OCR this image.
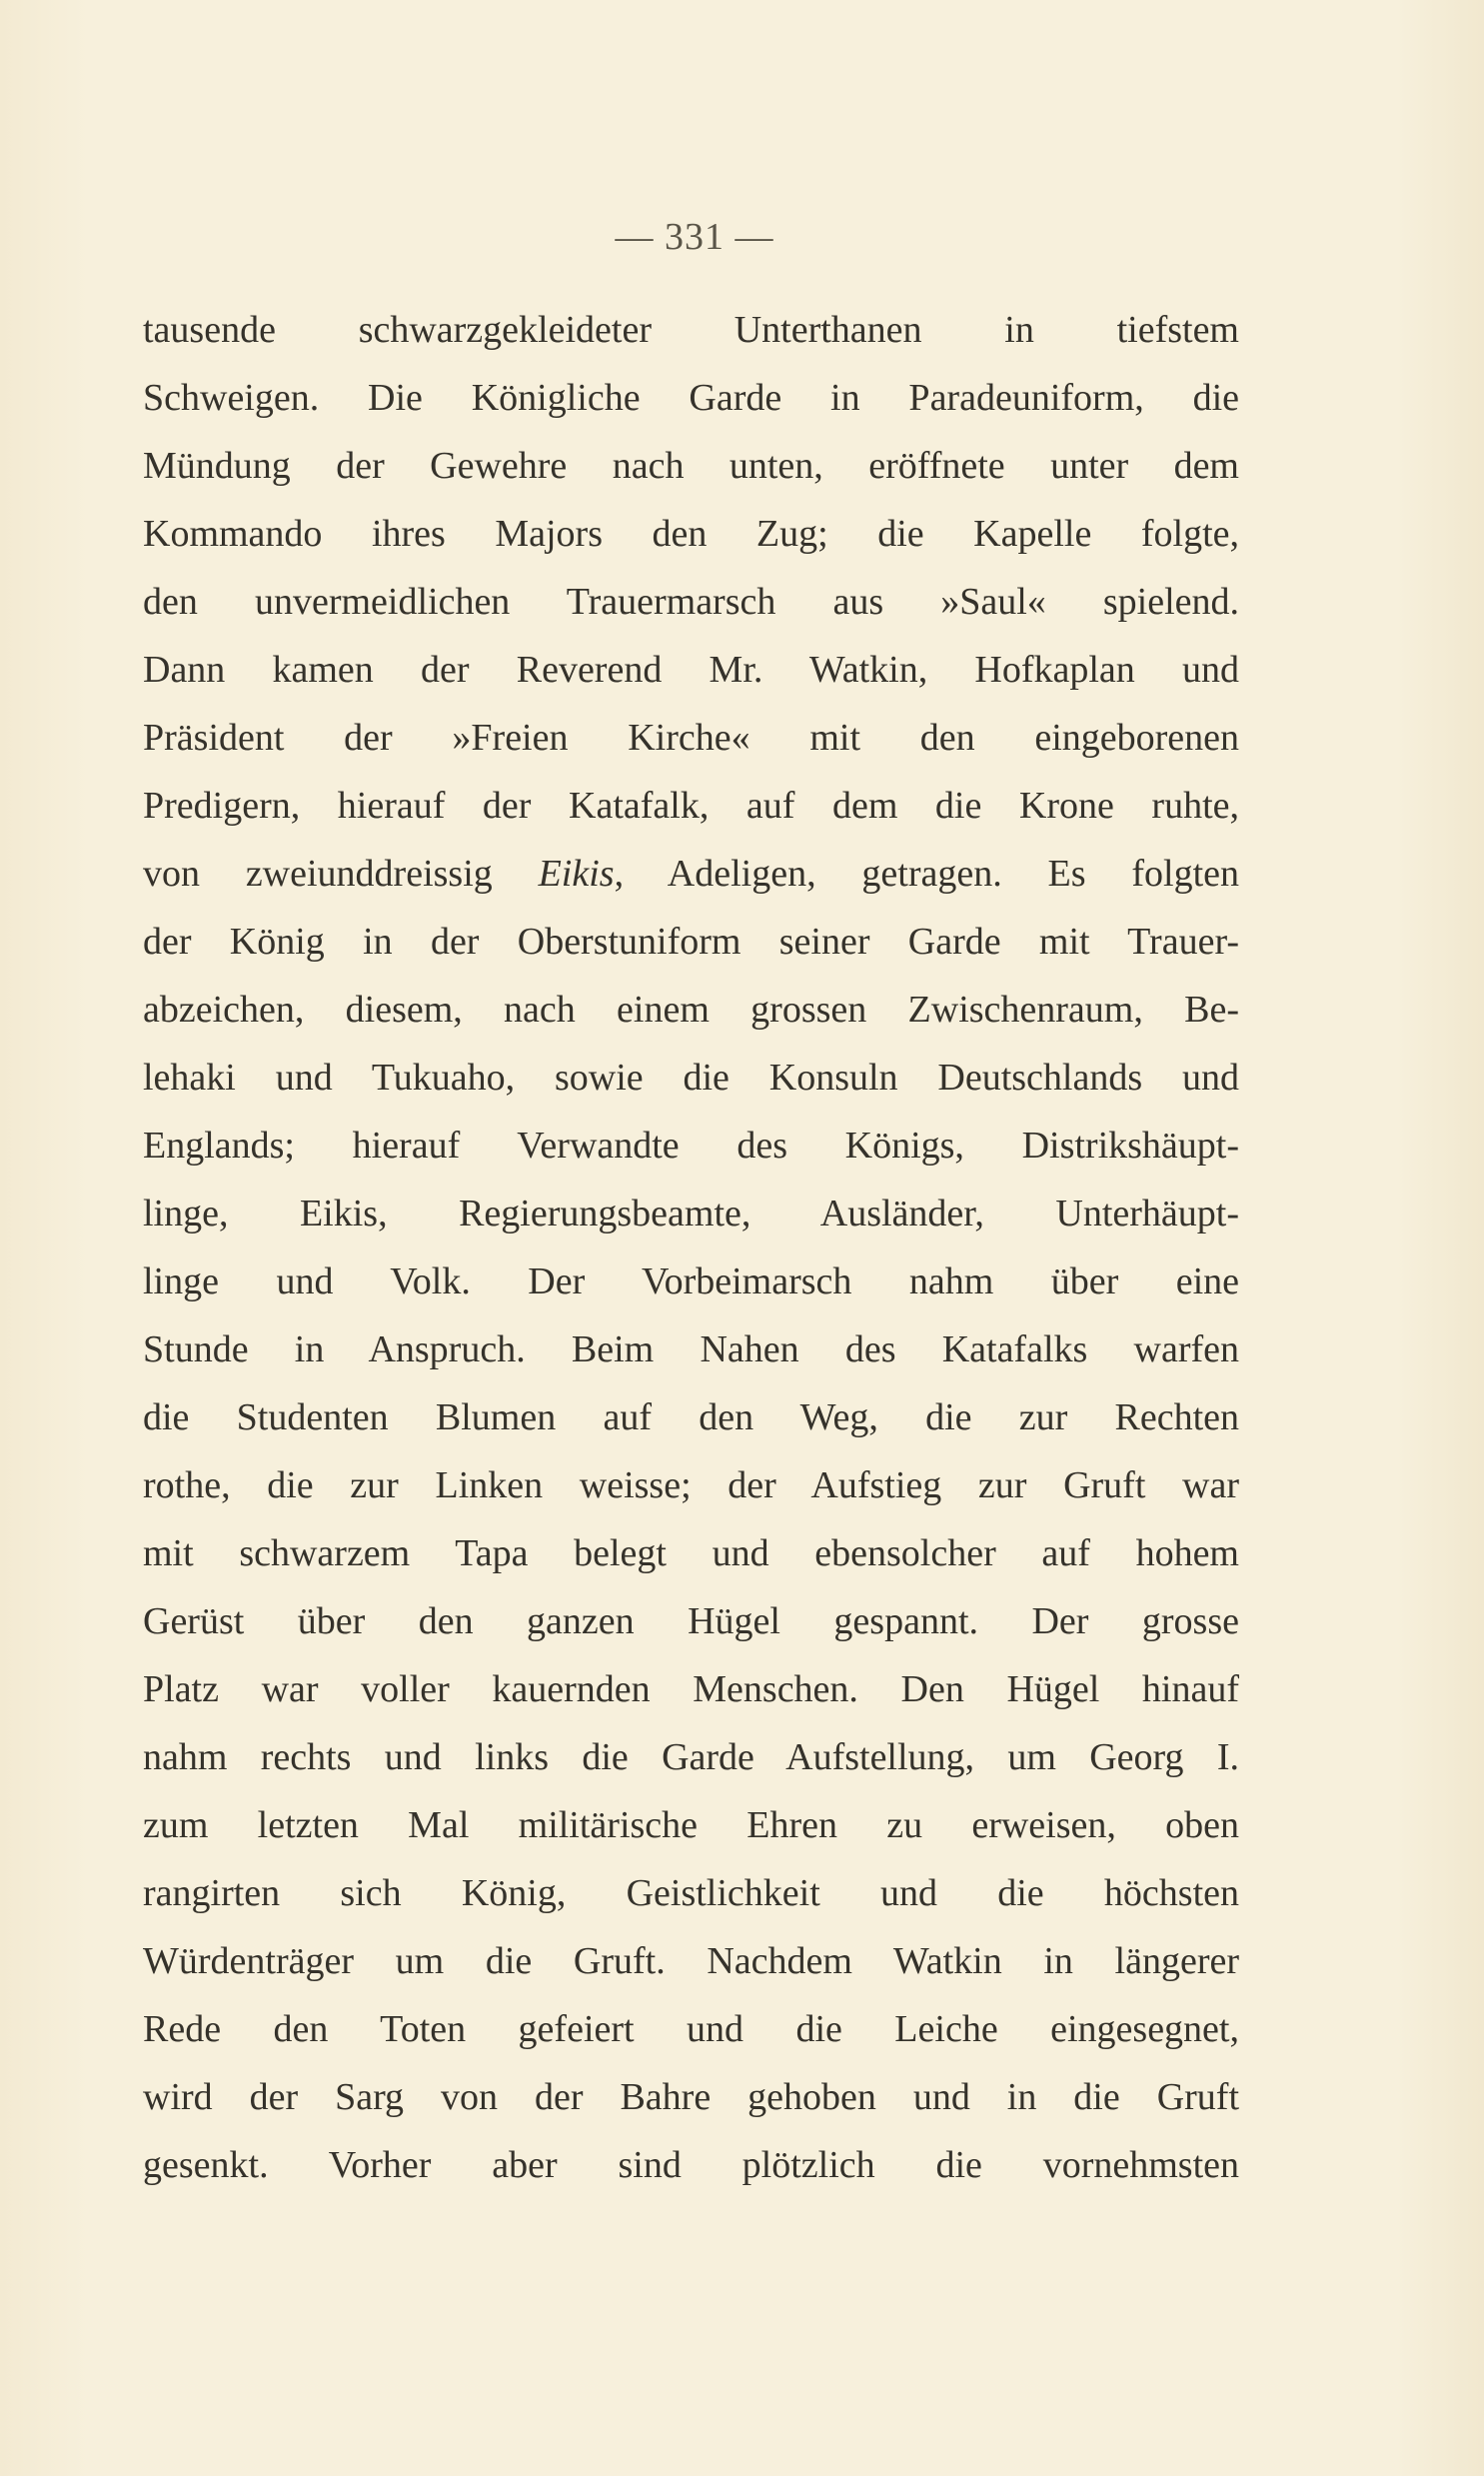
— 331 —
tausende schwarzgekleideter Unterthanen in tiefstem
Schweigen. Die Königliche Garde in Paradeuniform, die
Mündung der Gewehre nach unten, eröffnete unter dem
Kommando ihres Majors den Zug; die Kapelle folgte,
den unvermeidlichen Trauermarsch aus »Saul« spielend.
Dann kamen der Reverend Mr. Watkin, Hofkaplan und
Präsident der »Freien Kirche« mit den eingeborenen
Predigern, hierauf der Katafalk, auf dem die Krone ruhte,
von zweiunddreissig Eikis, Adeligen, getragen. Es folgten
der König in der Oberstuniform seiner Garde mit Trauer-
abzeichen, diesem, nach einem grossen Zwischenraum, Be-
lehaki und Tukuaho, sowie die Konsuln Deutschlands und
Englands; hierauf Verwandte des Königs, Distrikshäupt-
linge, Eikis, Regierungsbeamte, Ausländer, Unterhäupt-
linge und Volk. Der Vorbeimarsch nahm über eine
Stunde in Anspruch. Beim Nahen des Katafalks warfen
die Studenten Blumen auf den Weg, die zur Rechten
rothe, die zur Linken weisse; der Aufstieg zur Gruft war
mit schwarzem Tapa belegt und ebensolcher auf hohem
Gerüst über den ganzen Hügel gespannt. Der grosse
Platz war voller kauernden Menschen. Den Hügel hinauf
nahm rechts und links die Garde Aufstellung, um Georg I.
zum letzten Mal militärische Ehren zu erweisen, oben
rangirten sich König, Geistlichkeit und die höchsten
Würdenträger um die Gruft. Nachdem Watkin in längerer
Rede den Toten gefeiert und die Leiche eingesegnet,
wird der Sarg von der Bahre gehoben und in die Gruft
gesenkt. Vorher aber sind plötzlich die vornehmsten
